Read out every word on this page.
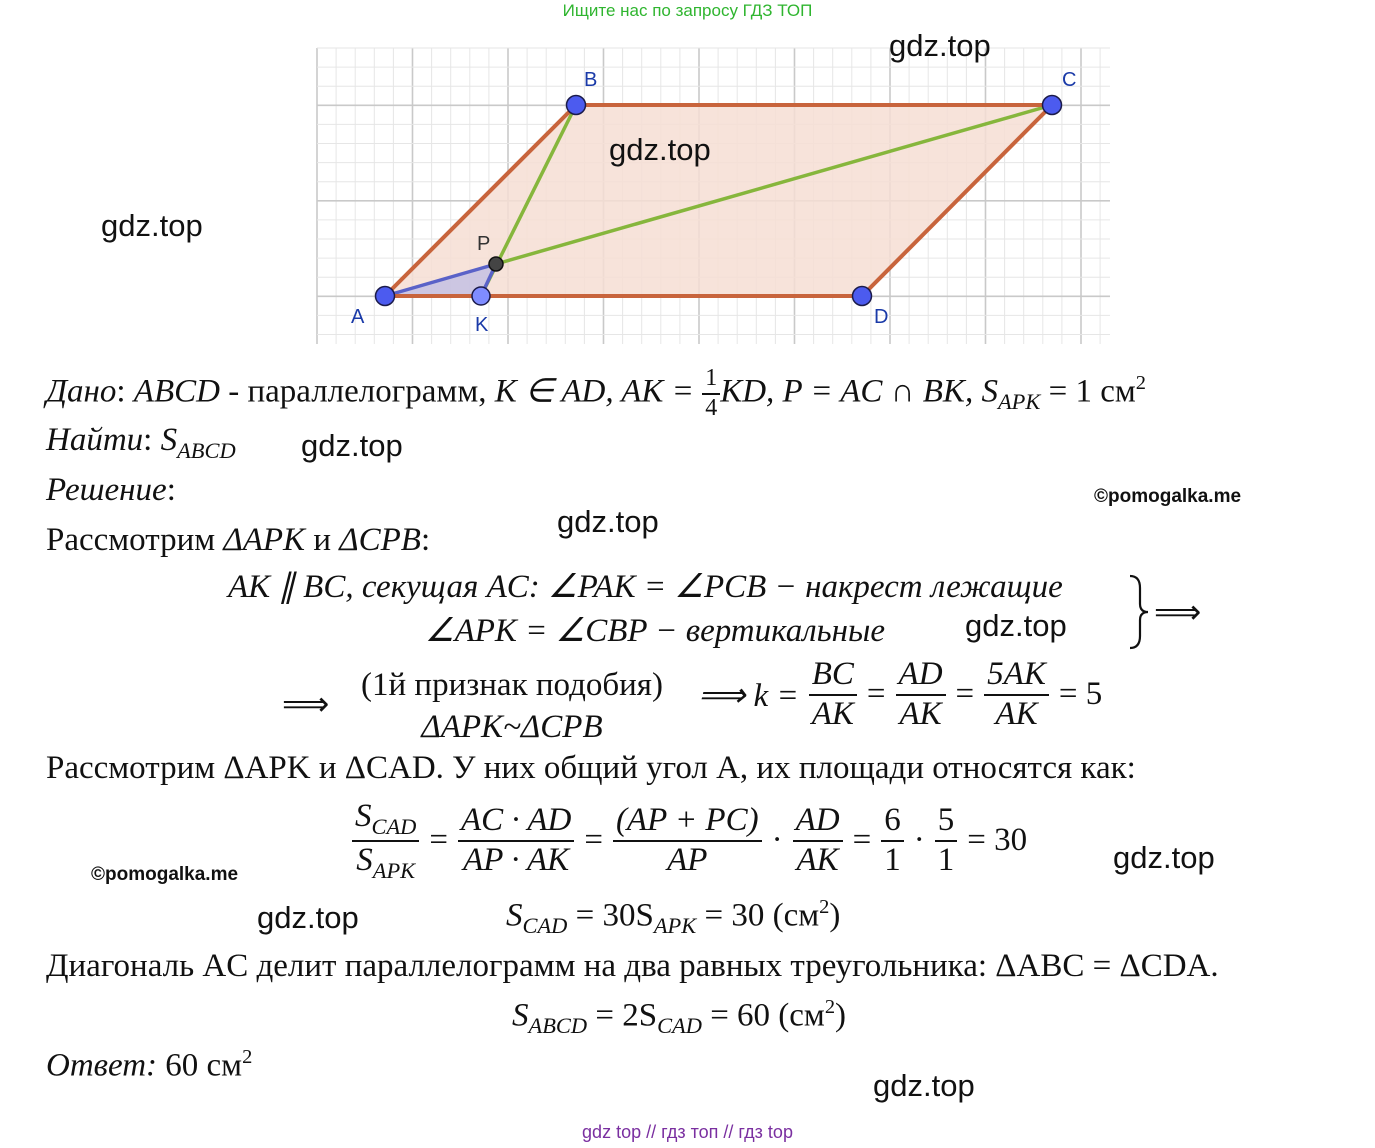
Ищите нас по запросу ГДЗ ТОП
A
B	C
D
K
P
gdz.top
gdz.top
gdz.top
gdz.top
gdz.top
gdz.top
gdz.top
gdz.top
gdz.top
©pomogalka.me
©pomogalka.me
Дано: ABCD - параллелограмм, K ∈ AD, AK = $\frac{1}{4}$ KD, P = AC ∩ BK, $S_{APK} = 1$ $см^2$
Найти: $S_{ABCD}$
Решение:
Рассмотрим ΔAPK и ΔCPB:
AK ∥ BC, секущая AC: ∠PAK = ∠PCB − накрест лежащие
∠APK = ∠CBP − вертикальные	⟹
⟹
(1й признак подобия)
ΔAPK~ΔCPB
⟹ $k = \frac{BC}{AK} = \frac{AD}{AK} = \frac{5AK}{AK} = 5$
Рассмотрим ΔAPK и ΔCAD. У них общий угол A, их площади относятся как:
$\frac{S_{CAD}}{S_{APK}} = \frac{AC \cdot AD}{AP \cdot AK} = \frac{(AP + PC)}{AP} \cdot \frac{AD}{AK} = \frac{6}{1} \cdot \frac{5}{1} = 30$
$S_{CAD} = 30S_{APK} = 30$ $(см^2)$
Диагональ AC делит параллелограмм на два равных треугольника: ΔABC = ΔCDA.
$S_{ABCD} = 2S_{CAD} = 60$ $(см^2)$
Ответ: 60 $см^2$
gdz top // гдз топ // гдз top
